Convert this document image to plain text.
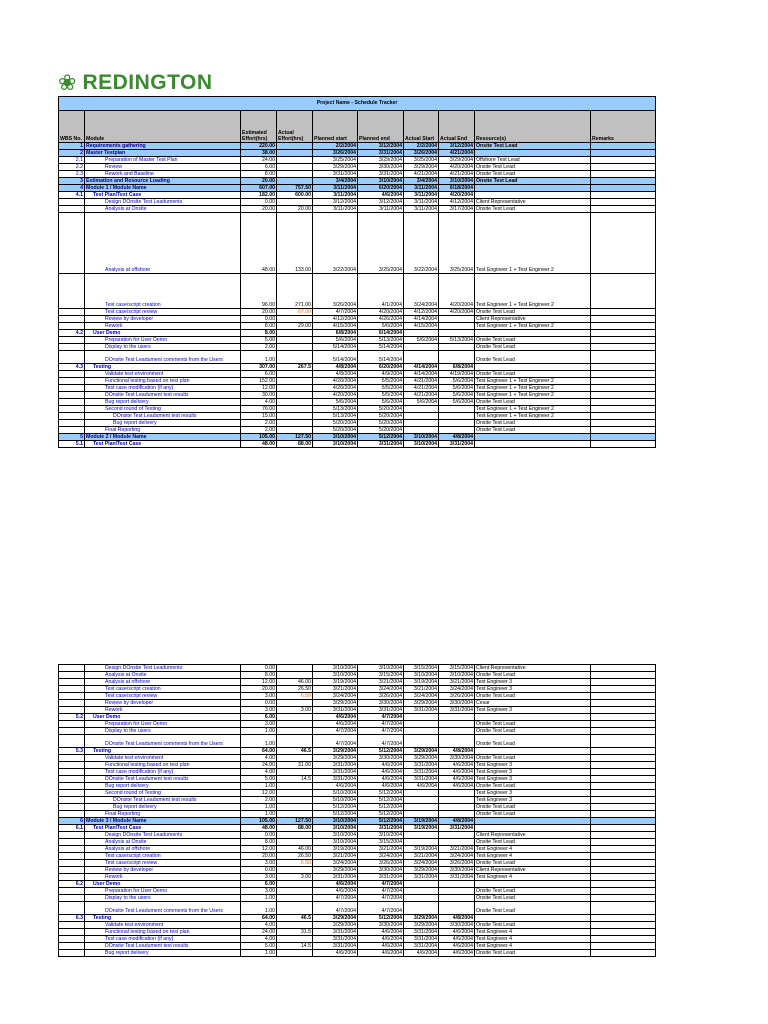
❀ REDINGTON
Project Name - Schedule Tracker									
WBS No.	Module	Estimated Effort(hrs)	Actual Effort(hrs)	Planned start	Planned end	Actual Start	Actual End	Resource(s)	Remarks
1	Requirements gathering	220.00		2/2/2004	3/12/2004	2/2/2004	3/12/2004	Onsite Test Lead	
2	Master Testplan	38.00		3/26/2004	3/31/2004	3/26/2004	4/21/2004		
2.1	Preparation of Master Test Plan	24.00		3/25/2004	3/29/2004	3/25/2004	3/29/2004	Offshore Test Lead	
2.2	Review	6.00		3/29/2004	3/30/2004	3/29/2004	4/20/2004	Onsite Test Lead	
2.3	Rework and Baseline	8.00		3/31/2004	3/31/2004	4/21/2004	4/21/2004	Onsite Test Lead	
3	Estimation and Resource Loading	20.00		3/4/2004	3/10/2004	3/4/2004	3/10/2004	Onsite Test Lead	
4	Module 1 / Module Name	607.00	757.50	3/11/2004	6/20/2004	3/11/2004	6/18/2004		
4.1	Test Plan/Test Case	182.00	600.00	3/11/2004	4/6/2004	3/11/2004	4/20/2004		
	Design DOnsite Test Leaduments	0.00		3/12/2004	3/12/2004	3/11/2004	4/12/2004	Client Representative	
	Analysis at Onsite	20.00	20.00	3/11/2004	3/11/2004	3/11/2004	3/17/2004	Onsite Test Lead	
	Analysis at offshore	48.00	133.00	3/22/2004	3/25/2004	3/22/2004	3/25/2004	Test Engineer 1 + Test Engineer 2	
	Test case/script creation	96.00	271.00	3/26/2004	4/1/2004	3/24/2004	4/20/2004	Test Engineer 1 + Test Engineer 2	
	Test case/script review	20.00	67.00	4/7/2004	4/20/2004	4/12/2004	4/20/2004	Onsite Test Lead	
	Review by developer	0.00		4/12/2004	4/26/2004	4/14/2004		Client Representative	
	Rework	8.00	29.00	4/15/2004	5/6/2004	4/15/2004		Test Engineer 1 + Test Engineer 2	
4.2	User Demo	8.00		6/8/2004	6/14/2004				
	Preparation for User Demo	5.00		5/6/2004	5/13/2004	5/6/2004	5/13/2004	Onsite Test Lead	
	Display to the users	2.00		5/14/2004	5/14/2004			Onsite Test Lead	
	DOnsite Test Leadument comments from the Users	1.00		5/14/2004	5/14/2004			Onsite Test Lead	
4.3	Testing	307.00	267.5	4/8/2004	6/20/2004	4/14/2004	6/8/2004		
	Validate test environment	6.00		4/8/2004	4/9/2004	4/14/2004	4/19/2004	Onsite Test Lead	
	Functional testing based on test plan	152.00		4/20/2004	5/5/2004	4/21/2004	5/6/2004	Test Engineer 1 + Test Engineer 2	
	Test case modification (if any)	12.00		4/20/2004	5/5/2004	4/21/2004	5/6/2004	Test Engineer 1 + Test Engineer 2	
	DOnsite Test Leadument test results	30.00		4/20/2004	5/5/2004	4/21/2004	5/6/2004	Test Engineer 1 + Test Engineer 2	
	Bug report delivery	4.00		5/6/2004	5/6/2004	5/6/2004	5/6/2004	Onsite Test Lead	
	Second round of Testing	76.00		5/13/2004	5/20/2004			Test Engineer 1 + Test Engineer 2	
	DOnsite Test Leadument test results	15.00		5/13/2004	5/20/2004			Test Engineer 1 + Test Engineer 2	
	Bug report delivery	2.00		5/20/2004	5/20/2004			Onsite Test Lead	
	Final Reporting	2.00		5/20/2004	5/20/2004			Onsite Test Lead	
5	Module 2 / Module Name	105.00	127.50	3/10/2004	5/12/2004	3/10/2004	4/8/2004		
5.1	Test Plan/Test Case	48.00	88.00	3/10/2004	3/31/2004	3/10/2004	3/31/2004		
	Design DOnsite Test Leaduments	0.00		3/10/2004	3/10/2004	3/15/2004	3/15/2004	Client Representative	
	Analysis at Onsite	8.00		3/10/2004	3/15/2004	3/10/2004	3/10/2004	Onsite Test Lead	
	Analysis at offshore	12.00	46.00	3/19/2004	3/21/2004	3/19/2004	3/21/2004	Test Engineer 3	
	Test case/script creation	20.00	26.50	3/21/2004	3/24/2004	3/21/2004	3/24/2004	Test Engineer 3	
	Test case/script review	3.00	6.50	3/24/2004	3/26/2004	3/24/2004	3/26/2004	Onsite Test Lead	
	Review by developer	0.00		3/29/2004	3/30/2004	3/29/2004	3/30/2004	Cesar	
	Rework	3.00	3.00	3/31/2004	3/31/2004	3/31/2004	3/31/2004	Test Engineer 3	
5.2	User Demo	6.00		4/6/2004	4/7/2004				
	Preparation for User Demo	3.00		4/6/2004	4/7/2004			Onsite Test Lead	
	Display to the users	1.00		4/7/2004	4/7/2004			Onsite Test Lead	
	DOnsite Test Leadument comments from the Users	1.00		4/7/2004	4/7/2004			Onsite Test Lead	
5.3	Testing	64.00	46.5	3/29/2004	5/12/2004	3/29/2004	4/8/2004		
	Validate test environment	4.00		3/29/2004	3/30/2004	3/29/2004	3/30/2004	Onsite Test Lead	
	Functional testing based on test plan	24.00	31.00	3/31/2004	4/6/2004	3/31/2004	4/6/2004	Test Engineer 3	
	Test case modification (if any)	4.00		3/31/2004	4/6/2004	3/31/2004	4/6/2004	Test Engineer 3	
	DOnsite Test Leadument test results	5.00	14.5	3/31/2004	4/6/2004	3/31/2004	4/6/2004	Test Engineer 3	
	Bug report delivery	1.00		4/6/2004	4/6/2004	4/6/2004	4/6/2004	Onsite Test Lead	
	Second round of Testing	12.00		5/10/2004	5/12/2004			Test Engineer 3	
	DOnsite Test Leadument test results	2.00		5/10/2004	5/12/2004			Test Engineer 3	
	Bug report delivery	1.00		5/12/2004	5/12/2004			Onsite Test Lead	
	Final Reporting	1.00		5/12/2004	5/12/2004			Onsite Test Lead	
6	Module 3 / Module Name	105.00	127.50	3/10/2004	5/12/2004	3/19/2004	4/8/2004		
6.1	Test Plan/Test Case	48.00	88.00	3/10/2004	3/31/2004	3/19/2004	3/31/2004		
	Design DOnsite Test Leaduments	0.00		3/10/2004	3/10/2004			Client Representative	
	Analysis at Onsite	8.00		3/10/2004	3/15/2004			Onsite Test Lead	
	Analysis at offshore	12.00	46.00	3/19/2004	3/21/2004	3/19/2004	3/21/2004	Test Engineer 4	
	Test case/script creation	20.00	26.50	3/21/2004	3/24/2004	3/21/2004	3/24/2004	Test Engineer 4	
	Test case/script review	3.00	6.50	3/24/2004	3/26/2004	3/24/2004	3/26/2004	Onsite Test Lead	
	Review by developer	0.00		3/29/2004	3/30/2004	3/29/2004	3/30/2004	Client Representative	
	Rework	3.00	3.00	3/31/2004	3/31/2004	3/31/2004	3/31/2004	Test Engineer 4	
6.2	User Demo	6.00		4/6/2004	4/7/2004				
	Preparation for User Demo	3.00		4/6/2004	4/7/2004			Onsite Test Lead	
	Display to the users	1.00		4/7/2004	4/7/2004			Onsite Test Lead	
	DOnsite Test Leadument comments from the Users	1.00		4/7/2004	4/7/2004			Onsite Test Lead	
6.3	Testing	64.00	46.5	3/29/2004	5/12/2004	3/29/2004	4/8/2004		
	Validate test environment	4.00		3/29/2004	3/30/2004	3/29/2004	3/30/2004	Onsite Test Lead	
	Functional testing based on test plan	24.00	31.5	3/31/2004	4/6/2004	3/31/2004	4/6/2004	Test Engineer 4	
	Test case modification (if any)	4.00		3/31/2004	4/6/2004	3/31/2004	4/6/2004	Test Engineer 4	
	DOnsite Test Leadument test results	5.00	14.5	3/31/2004	4/6/2004	3/31/2004	4/6/2004	Test Engineer 4	
	Bug report delivery	1.00		4/6/2004	4/6/2004	4/6/2004	4/6/2004	Onsite Test Lead	
